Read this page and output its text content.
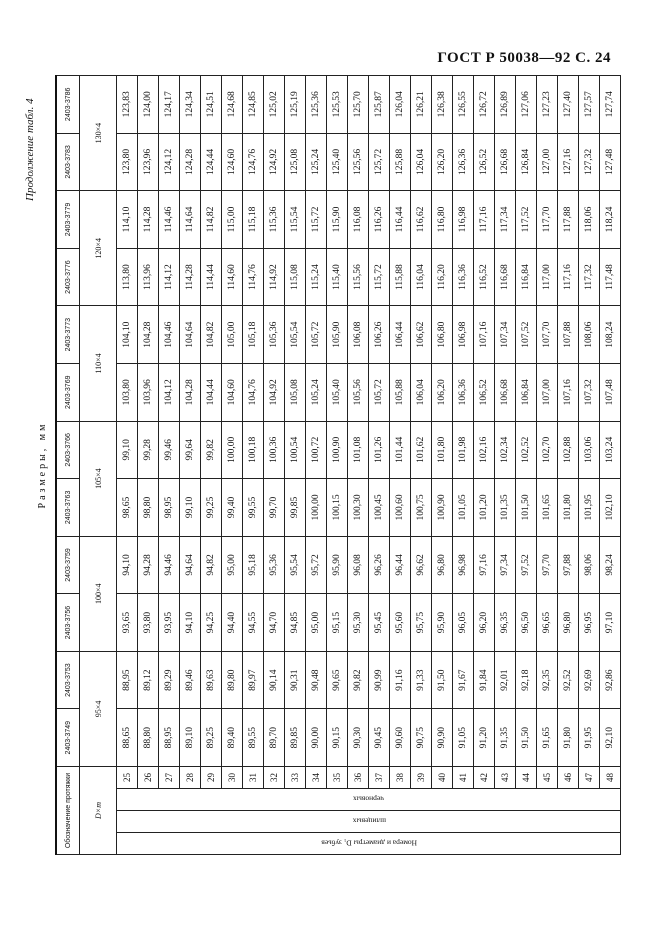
ГОСТ Р 50038—92 С. 24
Продолжение табл. 4
Размеры, мм
Обозначение протяжки				2403-3749	2403-3753	2403-3756	2403-3759	2403-3763	2403-3766	2403-3769	2403-3773	2403-3776	2403-3779	2403-3783	2403-3786
D×m				95×4		100×4		105×4		110×4		120×4		130×4	
Номера и диаметры D₁ зубьев	шлицевых	черновых	25	88,65	88,95	93,65	94,10	98,65	99,10	103,80	104,10	113,80	114,10	123,80	123,83
			26	88,80	89,12	93,80	94,28	98,80	99,28	103,96	104,28	113,96	114,28	123,96	124,00
			27	88,95	89,29	93,95	94,46	98,95	99,46	104,12	104,46	114,12	114,46	124,12	124,17
			28	89,10	89,46	94,10	94,64	99,10	99,64	104,28	104,64	114,28	114,64	124,28	124,34
			29	89,25	89,63	94,25	94,82	99,25	99,82	104,44	104,82	114,44	114,82	124,44	124,51
			30	89,40	89,80	94,40	95,00	99,40	100,00	104,60	105,00	114,60	115,00	124,60	124,68
			31	89,55	89,97	94,55	95,18	99,55	100,18	104,76	105,18	114,76	115,18	124,76	124,85
			32	89,70	90,14	94,70	95,36	99,70	100,36	104,92	105,36	114,92	115,36	124,92	125,02
			33	89,85	90,31	94,85	95,54	99,85	100,54	105,08	105,54	115,08	115,54	125,08	125,19
			34	90,00	90,48	95,00	95,72	100,00	100,72	105,24	105,72	115,24	115,72	125,24	125,36
			35	90,15	90,65	95,15	95,90	100,15	100,90	105,40	105,90	115,40	115,90	125,40	125,53
			36	90,30	90,82	95,30	96,08	100,30	101,08	105,56	106,08	115,56	116,08	125,56	125,70
			37	90,45	90,99	95,45	96,26	100,45	101,26	105,72	106,26	115,72	116,26	125,72	125,87
			38	90,60	91,16	95,60	96,44	100,60	101,44	105,88	106,44	115,88	116,44	125,88	126,04
			39	90,75	91,33	95,75	96,62	100,75	101,62	106,04	106,62	116,04	116,62	126,04	126,21
			40	90,90	91,50	95,90	96,80	100,90	101,80	106,20	106,80	116,20	116,80	126,20	126,38
			41	91,05	91,67	96,05	96,98	101,05	101,98	106,36	106,98	116,36	116,98	126,36	126,55
			42	91,20	91,84	96,20	97,16	101,20	102,16	106,52	107,16	116,52	117,16	126,52	126,72
			43	91,35	92,01	96,35	97,34	101,35	102,34	106,68	107,34	116,68	117,34	126,68	126,89
			44	91,50	92,18	96,50	97,52	101,50	102,52	106,84	107,52	116,84	117,52	126,84	127,06
			45	91,65	92,35	96,65	97,70	101,65	102,70	107,00	107,70	117,00	117,70	127,00	127,23
			46	91,80	92,52	96,80	97,88	101,80	102,88	107,16	107,88	117,16	117,88	127,16	127,40
			47	91,95	92,69	96,95	98,06	101,95	103,06	107,32	108,06	117,32	118,06	127,32	127,57
			48	92,10	92,86	97,10	98,24	102,10	103,24	107,48	108,24	117,48	118,24	127,48	127,74
